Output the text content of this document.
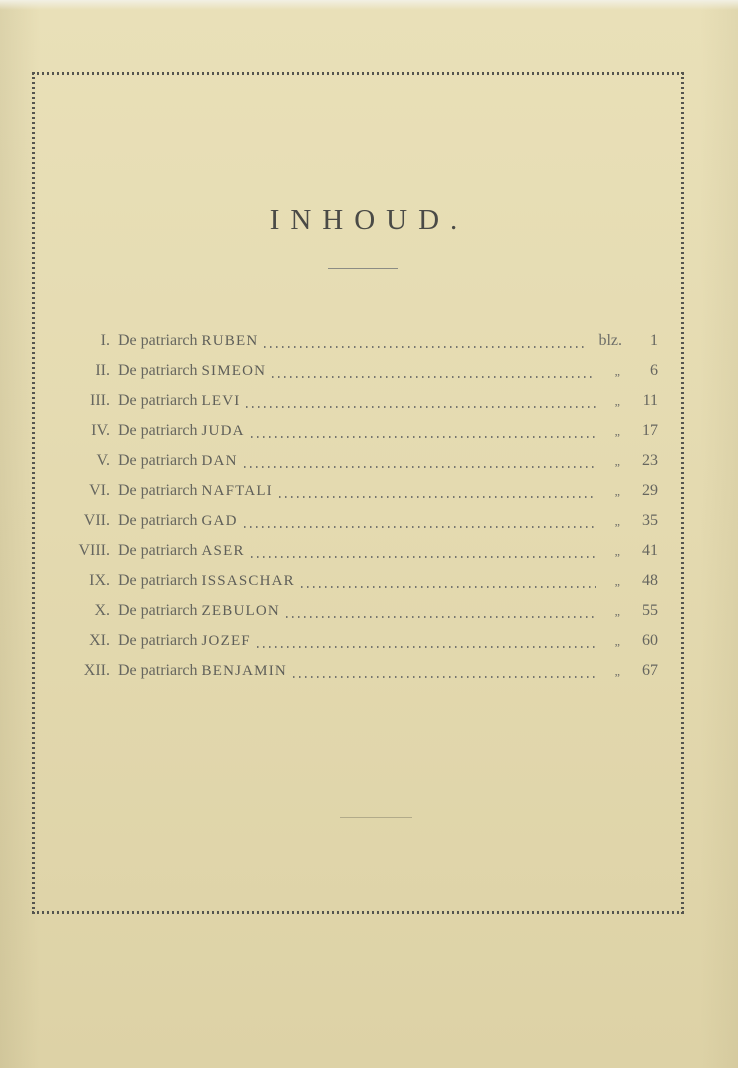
INHOUD.
I. De patriarch RUBEN	blz.	1
II. De patriarch SIMEON	„	6
III. De patriarch LEVI	„	11
IV. De patriarch JUDA	„	17
V. De patriarch DAN	„	23
VI. De patriarch NAFTALI	„	29
VII. De patriarch GAD	„	35
VIII. De patriarch ASER	„	41
IX. De patriarch ISSASCHAR	„	48
X. De patriarch ZEBULON	„	55
XI. De patriarch JOZEF	„	60
XII. De patriarch BENJAMIN	„	67
